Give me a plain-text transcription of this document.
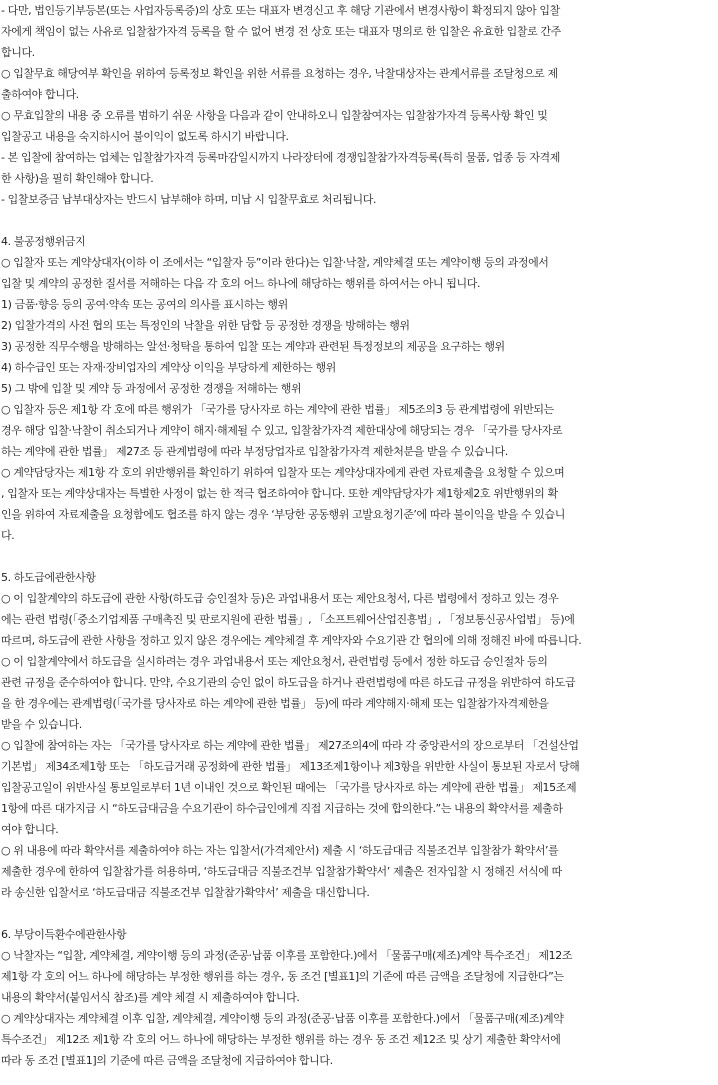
- 다만, 법인등기부등본(또는 사업자등록증)의 상호 또는 대표자 변경신고 후 해당 기관에서 변경사항이 확정되지 않아 입찰
자에게 책임이 없는 사유로 입찰참가자격 등록을 할 수 없어 변경 전 상호 또는 대표자 명의로 한 입찰은 유효한 입찰로 간주
합니다.
○ 입찰무효 해당여부 확인을 위하여 등록정보 확인을 위한 서류를 요청하는 경우, 낙찰대상자는 관계서류를 조달청으로 제
출하여야 합니다.
○ 무효입찰의 내용 중 오류를 범하기 쉬운 사항을 다음과 같이 안내하오니 입찰참여자는 입찰참가자격 등록사항 확인 및
입찰공고 내용을 숙지하시어 불이익이 없도록 하시기 바랍니다.
- 본 입찰에 참여하는 업체는 입찰참가자격 등록마감일시까지 나라장터에 경쟁입찰참가자격등록(특히 물품, 업종 등 자격제
한 사항)을 필히 확인해야 합니다.
- 입찰보증금 납부대상자는 반드시 납부해야 하며, 미납 시 입찰무효로 처리됩니다.
4. 불공정행위금지
○ 입찰자 또는 계약상대자(이하 이 조에서는 “입찰자 등”이라 한다)는 입찰⋅낙찰, 계약체결 또는 계약이행 등의 과정에서
입찰 및 계약의 공정한 질서를 저해하는 다음 각 호의 어느 하나에 해당하는 행위를 하여서는 아니 됩니다.
1) 금품⋅향응 등의 공여⋅약속 또는 공여의 의사를 표시하는 행위
2) 입찰가격의 사전 협의 또는 특정인의 낙찰을 위한 담합 등 공정한 경쟁을 방해하는 행위
3) 공정한 직무수행을 방해하는 알선⋅청탁을 통하여 입찰 또는 계약과 관련된 특정정보의 제공을 요구하는 행위
4) 하수급인 또는 자재⋅장비업자의 계약상 이익을 부당하게 제한하는 행위
5) 그 밖에 입찰 및 계약 등 과정에서 공정한 경쟁을 저해하는 행위
○ 입찰자 등은 제1항 각 호에 따른 행위가 「국가를 당사자로 하는 계약에 관한 법률」 제5조의3 등 관계법령에 위반되는
경우 해당 입찰⋅낙찰이 취소되거나 계약이 해지⋅해제될 수 있고, 입찰참가자격 제한대상에 해당되는 경우 「국가를 당사자로
하는 계약에 관한 법률」 제27조 등 관계법령에 따라 부정당업자로 입찰참가자격 제한처분을 받을 수 있습니다.
○ 계약담당자는 제1항 각 호의 위반행위를 확인하기 위하여 입찰자 또는 계약상대자에게 관련 자료제출을 요청할 수 있으며
, 입찰자 또는 계약상대자는 특별한 사정이 없는 한 적극 협조하여야 합니다. 또한 계약담당자가 제1항제2호 위반행위의 확
인을 위하여 자료제출을 요청함에도 협조를 하지 않는 경우 ‘부당한 공동행위 고발요청기준’에 따라 불이익을 받을 수 있습니
다.
5. 하도급에관한사항
○ 이 입찰계약의 하도급에 관한 사항(하도급 승인절차 등)은 과업내용서 또는 제안요청서, 다른 법령에서 정하고 있는 경우
에는 관련 법령(「중소기업제품 구매촉진 및 판로지원에 관한 법률」, 「소프트웨어산업진흥법」, 「정보통신공사업법」 등)에
따르며, 하도급에 관한 사항을 정하고 있지 않은 경우에는 계약체결 후 계약자와 수요기관 간 협의에 의해 정해진 바에 따릅니다.
○ 이 입찰계약에서 하도급을 실시하려는 경우 과업내용서 또는 제안요청서, 관련법령 등에서 정한 하도급 승인절차 등의
관련 규정을 준수하여야 합니다. 만약, 수요기관의 승인 없이 하도급을 하거나 관련법령에 따른 하도급 규정을 위반하여 하도급
을 한 경우에는 관계법령(「국가를 당사자로 하는 계약에 관한 법률」 등)에 따라 계약해지⋅해제 또는 입찰참가자격제한을
받을 수 있습니다.
○ 입찰에 참여하는 자는 「국가를 당사자로 하는 계약에 관한 법률」 제27조의4에 따라 각 중앙관서의 장으로부터 「건설산업
기본법」 제34조제1항 또는 「하도급거래 공정화에 관한 법률」 제13조제1항이나 제3항을 위반한 사실이 통보된 자로서 당해
입찰공고일이 위반사실 통보일로부터 1년 이내인 것으로 확인된 때에는 「국가를 당사자로 하는 계약에 관한 법률」 제15조제
1항에 따른 대가지급 시 “하도급대금을 수요기관이 하수급인에게 직접 지급하는 것에 합의한다.”는 내용의 확약서를 제출하
여야 합니다.
○ 위 내용에 따라 확약서를 제출하여야 하는 자는 입찰서(가격제안서) 제출 시 ‘하도급대금 직불조건부 입찰참가 확약서’를
제출한 경우에 한하여 입찰참가를 허용하며, ‘하도급대금 직불조건부 입찰참가확약서’ 제출은 전자입찰 시 정해진 서식에 따
라 송신한 입찰서로 ‘하도급대금 직불조건부 입찰참가확약서’ 제출을 대신합니다.
6. 부당이득환수에관한사항
○ 낙찰자는 “입찰, 계약체결, 계약이행 등의 과정(준공⋅납품 이후를 포함한다.)에서 「물품구매(제조)계약 특수조건」 제12조
제1항 각 호의 어느 하나에 해당하는 부정한 행위를 하는 경우, 동 조건 [별표1]의 기준에 따른 금액을 조달청에 지급한다”는
내용의 확약서(붙임서식 참조)를 계약 체결 시 제출하여야 합니다.
○ 계약상대자는 계약체결 이후 입찰, 계약체결, 계약이행 등의 과정(준공⋅납품 이후를 포함한다.)에서 「물품구매(제조)계약
특수조건」 제12조 제1항 각 호의 어느 하나에 해당하는 부정한 행위를 하는 경우 동 조건 제12조 및 상기 제출한 확약서에
따라 동 조건 [별표1]의 기준에 따른 금액을 조달청에 지급하여야 합니다.
